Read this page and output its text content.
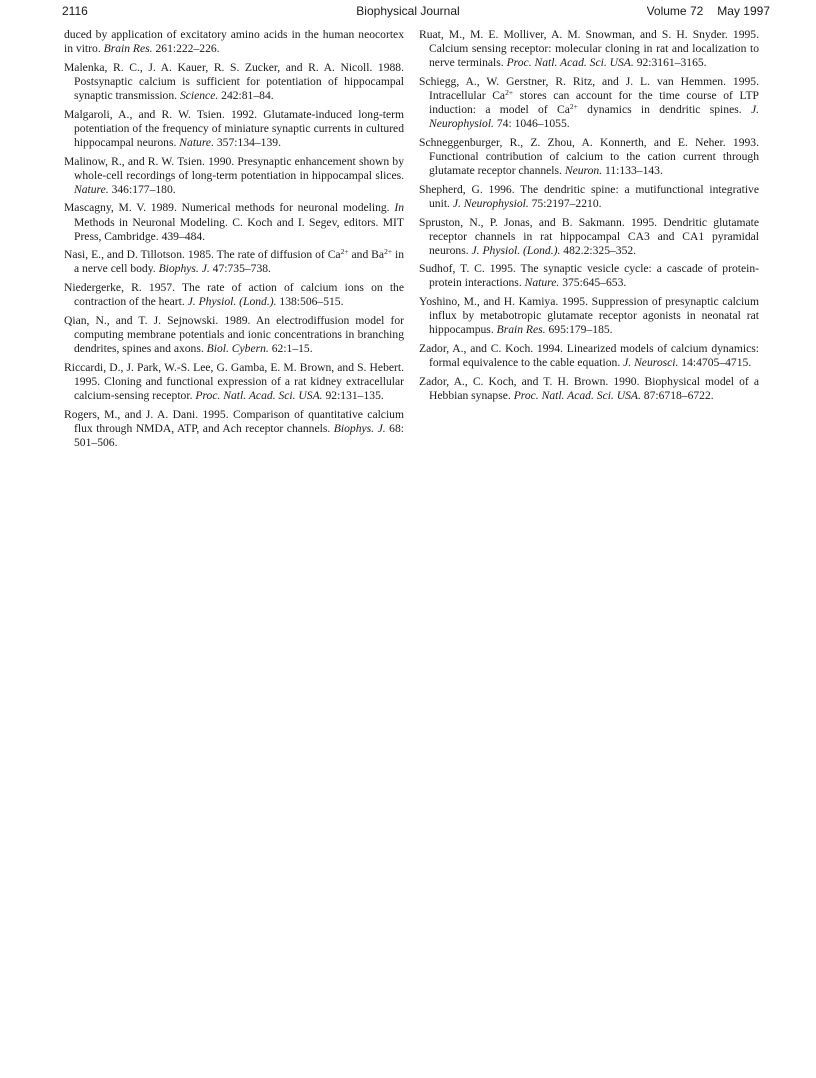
2116	Biophysical Journal	Volume 72 May 1997

duced by application of excitatory amino acids in the human neocortex in vitro. Brain Res. 261:222–226.

Malenka, R. C., J. A. Kauer, R. S. Zucker, and R. A. Nicoll. 1988. Postsynaptic calcium is sufficient for potentiation of hippocampal synaptic transmission. Science. 242:81–84.

Malgaroli, A., and R. W. Tsien. 1992. Glutamate-induced long-term potentiation of the frequency of miniature synaptic currents in cultured hippocampal neurons. Nature. 357:134–139.

Malinow, R., and R. W. Tsien. 1990. Presynaptic enhancement shown by whole-cell recordings of long-term potentiation in hippocampal slices. Nature. 346:177–180.

Mascagny, M. V. 1989. Numerical methods for neuronal modeling. In Methods in Neuronal Modeling. C. Koch and I. Segev, editors. MIT Press, Cambridge. 439–484.

Nasi, E., and D. Tillotson. 1985. The rate of diffusion of $Ca^{2+}$ and $Ba^{2+}$ in a nerve cell body. Biophys. J. 47:735–738.

Niedergerke, R. 1957. The rate of action of calcium ions on the contraction of the heart. J. Physiol. (Lond.). 138:506–515.

Qian, N., and T. J. Sejnowski. 1989. An electrodiffusion model for computing membrane potentials and ionic concentrations in branching dendrites, spines and axons. Biol. Cybern. 62:1–15.

Riccardi, D., J. Park, W.-S. Lee, G. Gamba, E. M. Brown, and S. Hebert. 1995. Cloning and functional expression of a rat kidney extracellular calcium-sensing receptor. Proc. Natl. Acad. Sci. USA. 92:131–135.

Rogers, M., and J. A. Dani. 1995. Comparison of quantitative calcium flux through NMDA, ATP, and Ach receptor channels. Biophys. J. 68: 501–506.

Ruat, M., M. E. Molliver, A. M. Snowman, and S. H. Snyder. 1995. Calcium sensing receptor: molecular cloning in rat and localization to nerve terminals. Proc. Natl. Acad. Sci. USA. 92:3161–3165.

Schiegg, A., W. Gerstner, R. Ritz, and J. L. van Hemmen. 1995. Intracellular $Ca^{2+}$ stores can account for the time course of LTP induction: a model of $Ca^{2+}$ dynamics in dendritic spines. J. Neurophysiol. 74: 1046–1055.

Schneggenburger, R., Z. Zhou, A. Konnerth, and E. Neher. 1993. Functional contribution of calcium to the cation current through glutamate receptor channels. Neuron. 11:133–143.

Shepherd, G. 1996. The dendritic spine: a mutifunctional integrative unit. J. Neurophysiol. 75:2197–2210.

Spruston, N., P. Jonas, and B. Sakmann. 1995. Dendritic glutamate receptor channels in rat hippocampal CA3 and CA1 pyramidal neurons. J. Physiol. (Lond.). 482.2:325–352.

Sudhof, T. C. 1995. The synaptic vesicle cycle: a cascade of protein-protein interactions. Nature. 375:645–653.

Yoshino, M., and H. Kamiya. 1995. Suppression of presynaptic calcium influx by metabotropic glutamate receptor agonists in neonatal rat hippocampus. Brain Res. 695:179–185.

Zador, A., and C. Koch. 1994. Linearized models of calcium dynamics: formal equivalence to the cable equation. J. Neurosci. 14:4705–4715.

Zador, A., C. Koch, and T. H. Brown. 1990. Biophysical model of a Hebbian synapse. Proc. Natl. Acad. Sci. USA. 87:6718–6722.
